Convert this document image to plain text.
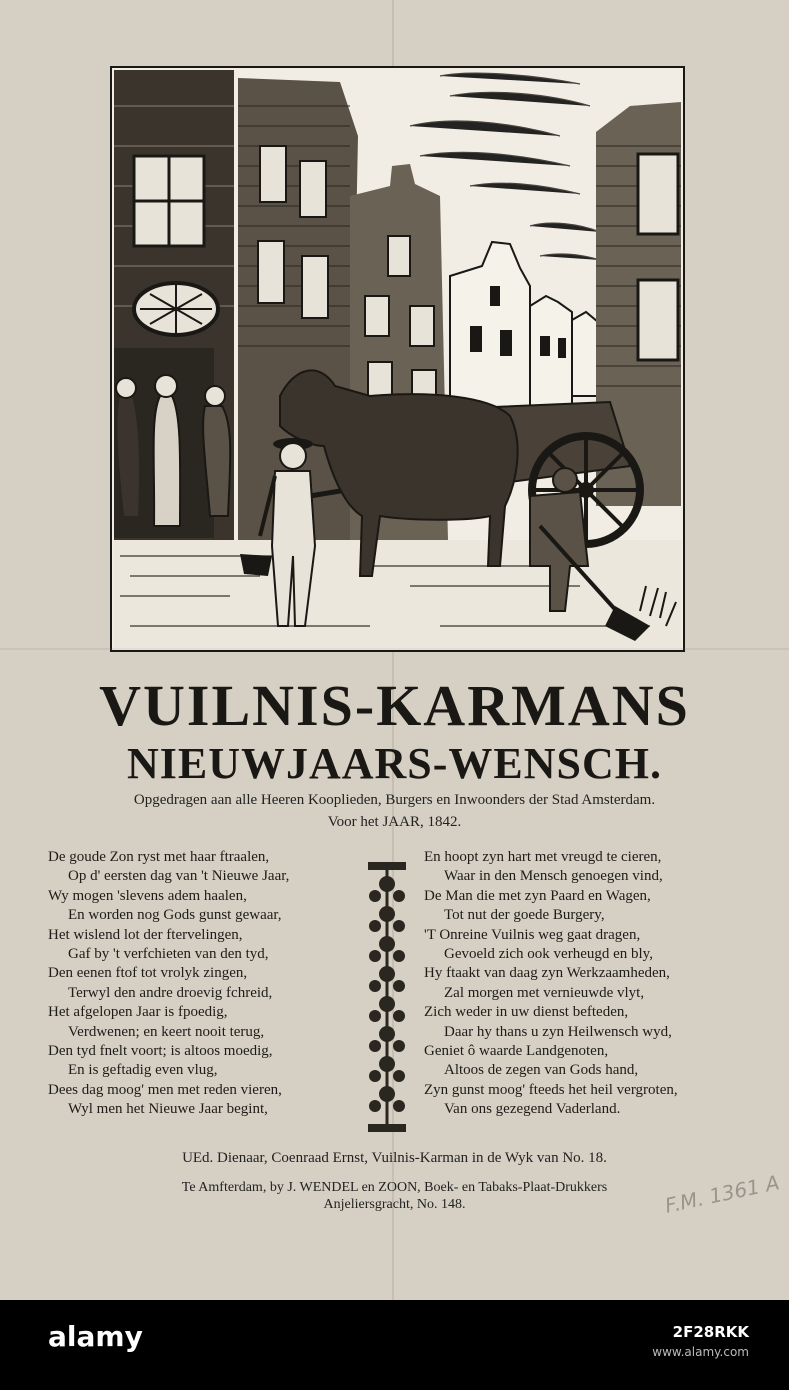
VUILNIS-KARMANS
NIEUWJAARS-WENSCH.
Opgedragen aan alle Heeren Kooplieden, Burgers en Inwoonders der Stad Amsterdam.
Voor het JAAR, 1842.
De goude Zon ryst met haar ftraalen,
Op d' eersten dag van 't Nieuwe Jaar,
Wy mogen 'slevens adem haalen,
En worden nog Gods gunst gewaar,
Het wislend lot der ftervelingen,
Gaf by 't verfchieten van den tyd,
Den eenen ftof tot vrolyk zingen,
Terwyl den andre droevig fchreid,
Het afgelopen Jaar is fpoedig,
Verdwenen; en keert nooit terug,
Den tyd fnelt voort; is altoos moedig,
En is geftadig even vlug,
Dees dag moog' men met reden vieren,
Wyl men het Nieuwe Jaar begint,
En hoopt zyn hart met vreugd te cieren,
Waar in den Mensch genoegen vind,
De Man die met zyn Paard en Wagen,
Tot nut der goede Burgery,
'T Onreine Vuilnis weg gaat dragen,
Gevoeld zich ook verheugd en bly,
Hy ftaakt van daag zyn Werkzaamheden,
Zal morgen met vernieuwde vlyt,
Zich weder in uw dienst befteden,
Daar hy thans u zyn Heilwensch wyd,
Geniet ô waarde Landgenoten,
Altoos de zegen van Gods hand,
Zyn gunst moog' fteeds het heil vergroten,
Van ons gezegend Vaderland.
UEd. Dienaar, Coenraad Ernst, Vuilnis-Karman in de Wyk van No. 18.
Te Amfterdam, by J. WENDEL en ZOON, Boek- en Tabaks-Plaat-Drukkers
Anjeliersgracht, No. 148.	F.M. 1361 A
alamy	2F28RKK
www.alamy.com
